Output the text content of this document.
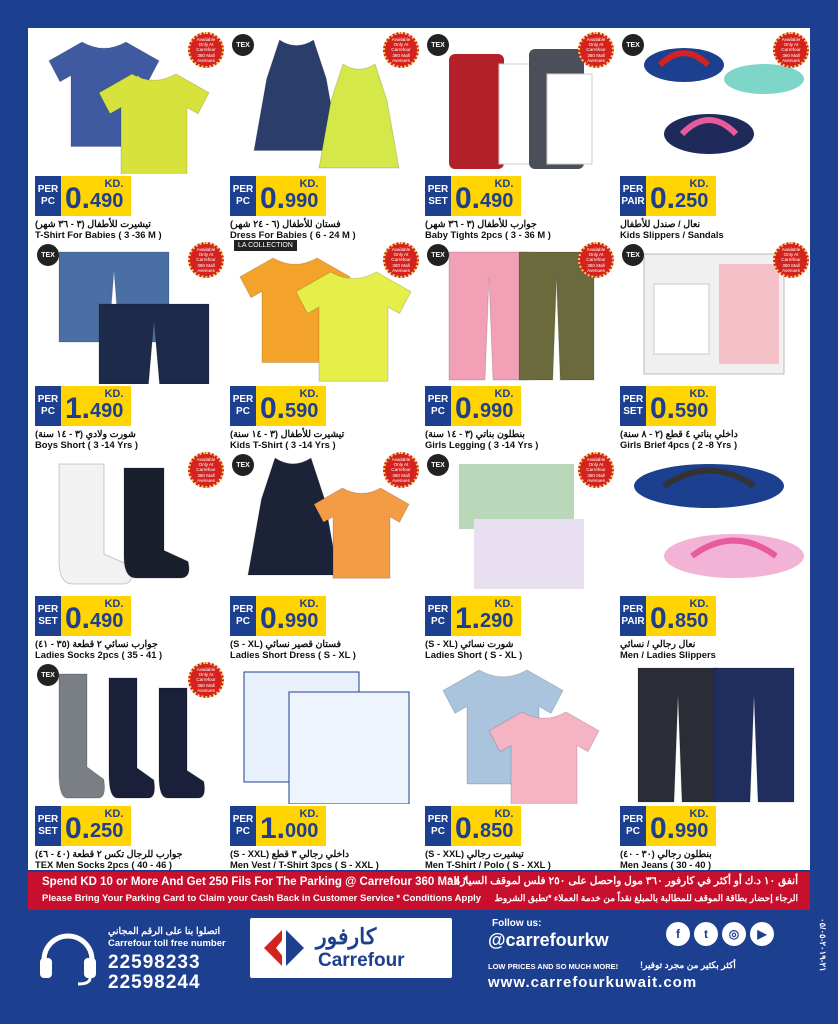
Available Only At Carrefour 360 Mall Avenues
PER
PC
KD.
0. 490
تيشيرت للأطفال (٣ - ٣٦ شهر)
T-Shirt For Babies ( 3 -36 M )
TEX
Available Only At Carrefour 360 Mall Avenues
PER
PC
KD.
0. 990
فستان للأطفال (٦ - ٢٤ شهر)
Dress For Babies ( 6 - 24 M )
TEX
Available Only At Carrefour 360 Mall Avenues
PER
SET
KD.
0. 490
جوارب للأطفال (٣ - ٣٦ شهر)
Baby Tights 2pcs ( 3 - 36 M )
TEX
Available Only At Carrefour 360 Mall Avenues
PER
PAIR
KD.
0. 250
نعال / صندل للأطفال
Kids Slippers / Sandals
TEX
Available Only At Carrefour 360 Mall Avenues
PER
PC
KD.
1. 490
شورت ولادي (٣ - ١٤ سنة)
Boys Short ( 3 -14 Yrs )
Available Only At Carrefour 360 Mall Avenues
LA COLLECTION
PER
PC
KD.
0. 590
تيشيرت للأطفال (٣ - ١٤ سنة)
Kids T-Shirt ( 3 -14 Yrs )
TEX
Available Only At Carrefour 360 Mall Avenues
PER
PC
KD.
0. 990
بنطلون بناتي (٣ - ١٤ سنة)
Girls Legging ( 3 -14 Yrs )
TEX
Available Only At Carrefour 360 Mall Avenues
PER
SET
KD.
0. 590
داخلي بناتي ٤ قطع (٢ - ٨ سنة)
Girls Brief 4pcs ( 2 -8 Yrs )
Available Only At Carrefour 360 Mall Avenues
PER
SET
KD.
0. 490
جوارب نسائي ٢ قطعة (٣٥ - ٤١)
Ladies Socks 2pcs ( 35 - 41 )
TEX
Available Only At Carrefour 360 Mall Avenues
PER
PC
KD.
0. 990
فستان قصير نسائي (S - XL)
Ladies Short Dress ( S - XL )
TEX
Available Only At Carrefour 360 Mall Avenues
PER
PC
KD.
1. 290
شورت نسائي (S - XL)
Ladies Short ( S - XL )
PER
PAIR
KD.
0. 850
نعال رجالي / نسائي
Men / Ladies Slippers
TEX
Available Only At Carrefour 360 Mall Avenues
PER
SET
KD.
0. 250
جوارب للرجال تكس ٢ قطعة (٤٠ - ٤٦)
TEX Men Socks 2pcs ( 40 - 46 )
PER
PC
KD.
1. 000
داخلي رجالي ٣ قطع (S - XXL)
Men Vest / T-Shirt 3pcs ( S - XXL )
PER
PC
KD.
0. 850
تيشيرت رجالي (S - XXL)
Men T-Shirt / Polo ( S - XXL )
PER
PC
KD.
0. 990
بنطلون رجالي (٣٠ - ٤٠)
Men Jeans ( 30 - 40 )
Spend KD 10 or More And Get 250 Fils For The Parking @ Carrefour 360 Mall *
Please Bring Your Parking Card to Claim your Cash Back in Customer Service * Conditions Apply
أنفق ١٠ د.ك أو أكثر في كارفور ٣٦٠ مول واحصل على ٢٥٠ فلس لموقف السيارة *
الرجاء إحضار بطاقة الموقف للمطالبة بالمبلغ نقداً من خدمة العملاء *تطبق الشروط
اتصلوا بنا على الرقم المجاني
Carrefour toll free number
22598233
22598244
كارفور
Carrefour
Follow us:
@carrefourkw	f	t	◎	▶
LOW PRICES AND SO MUCH MORE! أكثر بكثير من مجرد توفير!
www.carrefourkuwait.com
٢١-٢٠١٩-٠٥/٠٥
